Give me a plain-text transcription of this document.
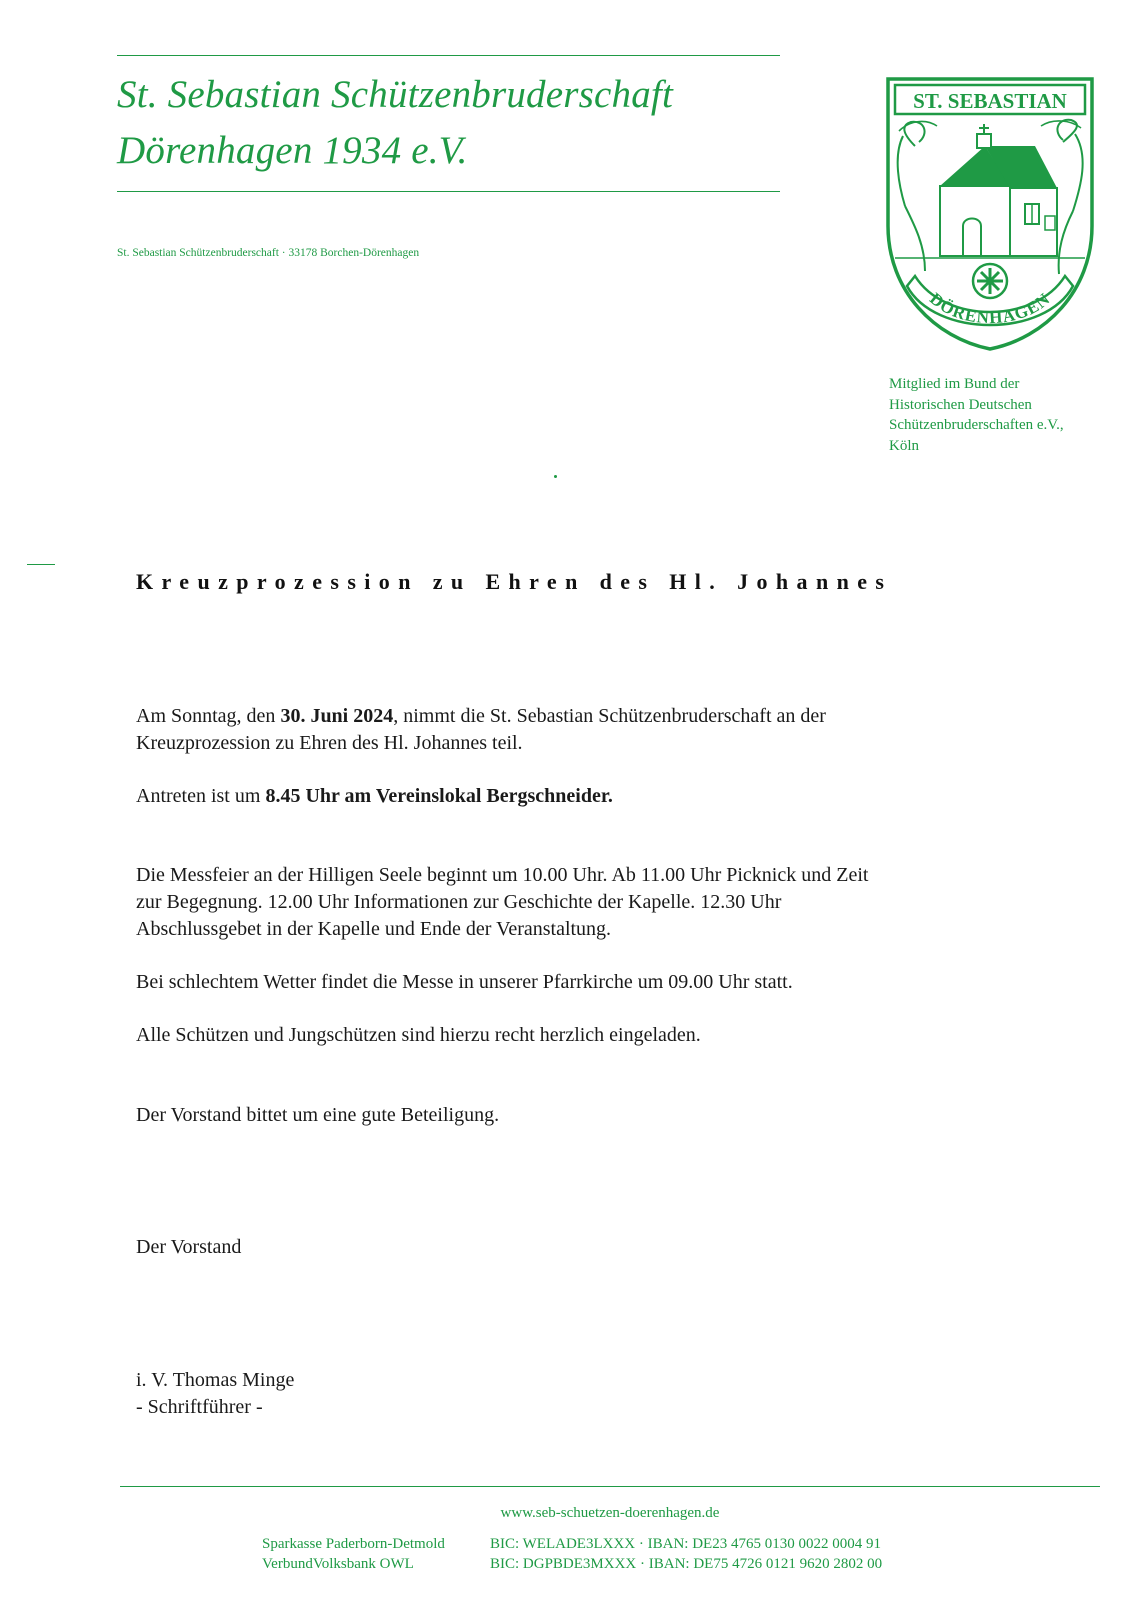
St. Sebastian Schützenbruderschaft
Dörenhagen 1934 e.V.
St. Sebastian Schützenbruderschaft · 33178 Borchen-Dörenhagen
ST. SEBASTIAN
DÖRENHAGEN
Mitglied im Bund der
Historischen Deutschen
Schützenbruderschaften e.V.,
Köln
Kreuzprozession zu Ehren des Hl. Johannes
Am Sonntag, den 30. Juni 2024, nimmt die St. Sebastian Schützenbruderschaft an der
Kreuzprozession zu Ehren des Hl. Johannes teil.
Antreten ist um 8.45 Uhr am Vereinslokal Bergschneider.
Die Messfeier an der Hilligen Seele beginnt um 10.00 Uhr. Ab 11.00 Uhr Picknick und Zeit
zur Begegnung. 12.00 Uhr Informationen zur Geschichte der Kapelle. 12.30 Uhr
Abschlussgebet in der Kapelle und Ende der Veranstaltung.
Bei schlechtem Wetter findet die Messe in unserer Pfarrkirche um 09.00 Uhr statt.
Alle Schützen und Jungschützen sind hierzu recht herzlich eingeladen.
Der Vorstand bittet um eine gute Beteiligung.
Der Vorstand
i. V. Thomas Minge
- Schriftführer -
www.seb-schuetzen-doerenhagen.de
Sparkasse Paderborn-Detmold	BIC: WELADE3LXXX · IBAN: DE23 4765 0130 0022 0004 91
VerbundVolksbank OWL	BIC: DGPBDE3MXXX · IBAN: DE75 4726 0121 9620 2802 00
